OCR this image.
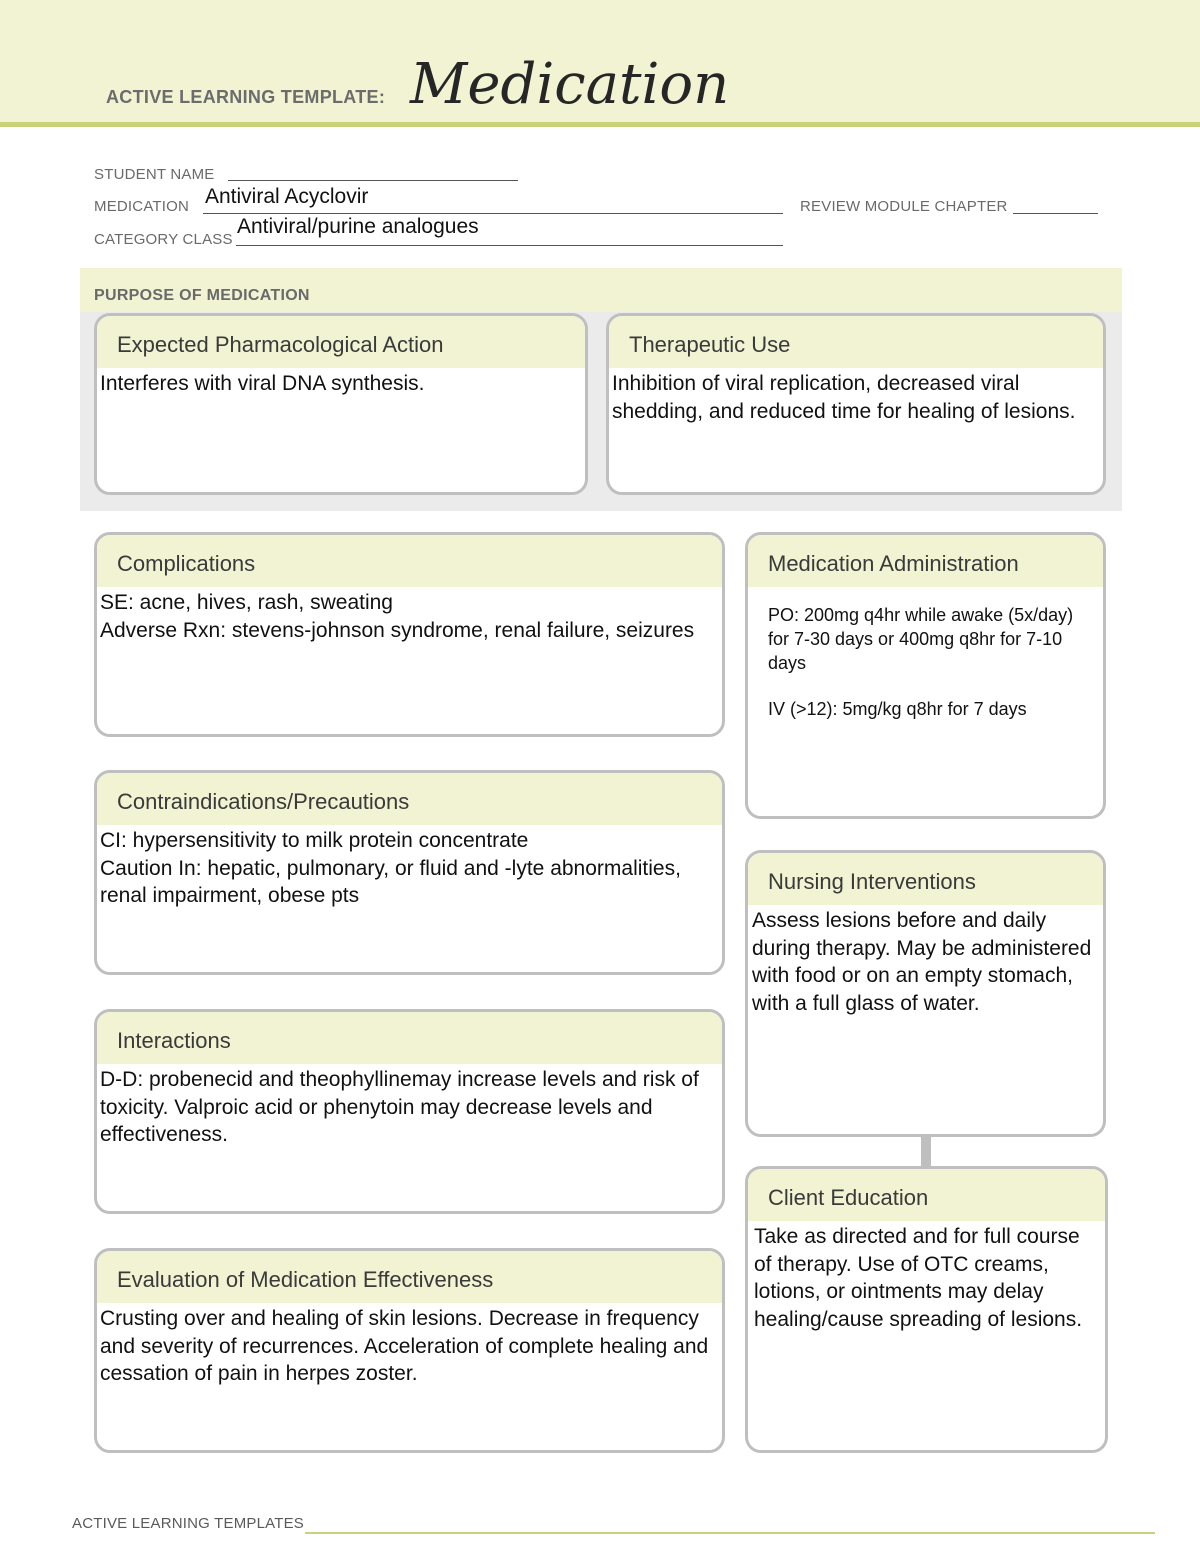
ACTIVE LEARNING TEMPLATE: Medication
STUDENT NAME
MEDICATION Antiviral Acyclovir	REVIEW MODULE CHAPTER
CATEGORY CLASS
Antiviral/purine analogues
PURPOSE OF MEDICATION
Expected Pharmacological Action
Interferes with viral DNA synthesis.
Therapeutic Use
Inhibition of viral replication, decreased viral shedding, and reduced time for healing of lesions.
Complications
SE: acne, hives, rash, sweating
Adverse Rxn: stevens-johnson syndrome, renal failure, seizures
Contraindications/Precautions
CI: hypersensitivity to milk protein concentrate
Caution In: hepatic, pulmonary, or fluid and -lyte abnormalities, renal impairment, obese pts
Interactions
D-D: probenecid and theophyllinemay increase levels and risk of toxicity. Valproic acid or phenytoin may decrease levels and effectiveness.
Evaluation of Medication Effectiveness
Crusting over and healing of skin lesions. Decrease in frequency and severity of recurrences. Acceleration of complete healing and cessation of pain in herpes zoster.
Medication Administration
PO: 200mg q4hr while awake (5x/day) for 7-30 days or 400mg q8hr for 7-10 days
IV (>12): 5mg/kg q8hr for 7 days
Nursing Interventions
Assess lesions before and daily during therapy. May be administered with food or on an empty stomach, with a full glass of water.
Client Education
Take as directed and for full course of therapy. Use of OTC creams, lotions, or ointments may delay healing/cause spreading of lesions.
ACTIVE LEARNING TEMPLATES
